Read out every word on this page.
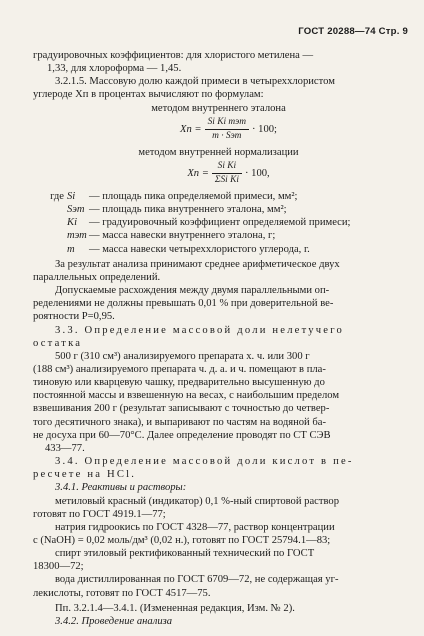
ГОСТ 20288—74 Стр. 9

градуировочных коэффициентов: для хлористого метилена —

1,33, для хлороформа — 1,45.

3.2.1.5. Массовую долю каждой примеси в четыреххлористом

углероде Xп в процентах вычисляют по формулам:

методом внутреннего эталона

Xп = $\frac{\text{Si Ki mэт}}{\text{m · Sэт}} \cdot 100$;

методом внутренней нормализации

Xп = $\frac{\text{Si Ki}}{\text{ΣSi Ki}} \cdot 100$,
где Si	— площадь пика определяемой примеси, мм²;
Sэт — площадь пика внутреннего эталона, мм²;
Ki	— градуировочный коэффициент определяемой примеси;
mэт — масса навески внутреннего эталона, г;
m	— масса навески четыреххлористого углерода, г.

За результат анализа принимают среднее арифметическое двух

параллельных определений.

Допускаемые расхождения между двумя параллельными оп-

ределениями не должны превышать 0,01 % при доверительной ве-

роятности P=0,95.

3.3. Определение массовой доли нелетучего

остатка

500 г (310 см³) анализируемого препарата х. ч. или 300 г

(188 см³) анализируемого препарата ч. д. а. и ч. помещают в пла-

тиновую или кварцевую чашку, предварительно высушенную до

постоянной массы и взвешенную на весах, с наибольшим пределом

взвешивания 200 г (результат записывают с точностью до четвер-

того десятичного знака), и выпаривают по частям на водяной ба-

не досуха при 60—70°С. Далее определение проводят по СТ СЭВ

433—77.

3.4. Определение массовой доли кислот в пе-

ресчете на HCl.

3.4.1. Реактивы и растворы:

метиловый красный (индикатор) 0,1 %-ный спиртовой раствор

готовят по ГОСТ 4919.1—77;

натрия гидроокись по ГОСТ 4328—77, раствор концентрации

c (NaOH) = 0,02 моль/дм³ (0,02 н.), готовят по ГОСТ 25794.1—83;

спирт этиловый ректификованный технический по ГОСТ

18300—72;

вода дистиллированная по ГОСТ 6709—72, не содержащая уг-

лекислоты, готовят по ГОСТ 4517—75.

Пп. 3.2.1.4—3.4.1. (Измененная редакция, Изм. № 2).

3.4.2. Проведение анализа
